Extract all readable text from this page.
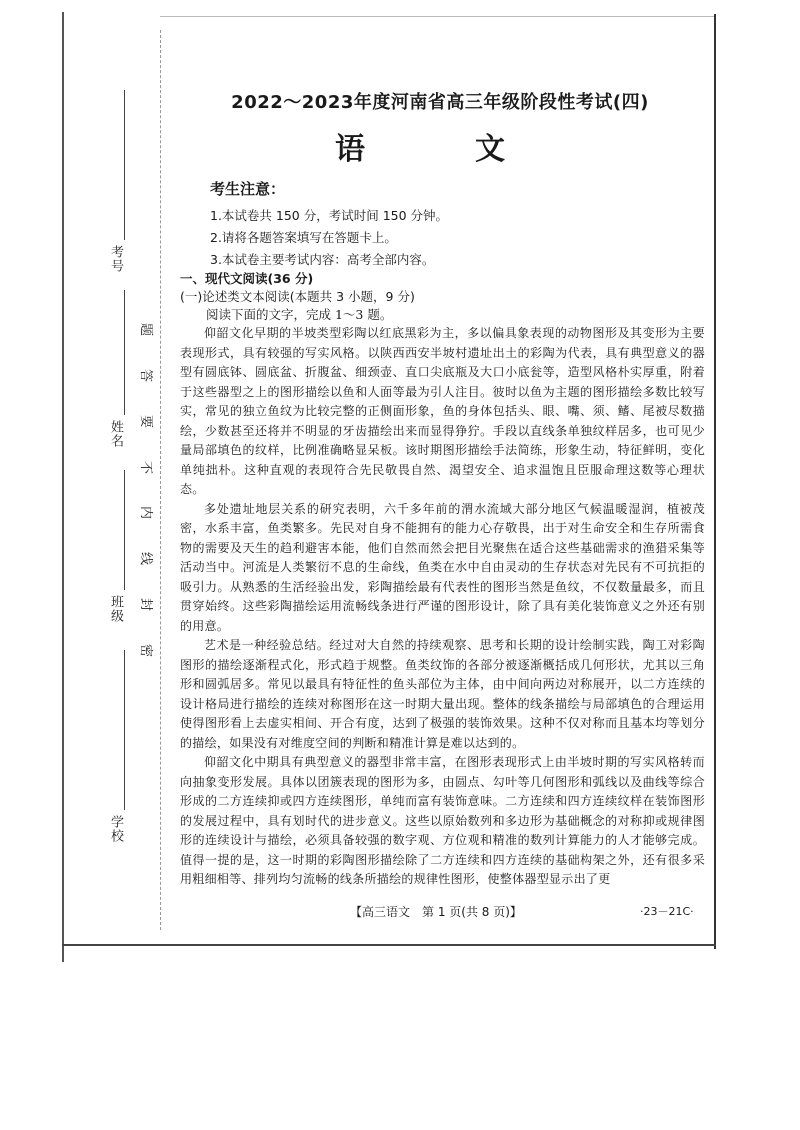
考号
姓名
班级
学校
题
答
要
不
内
线
封
密
2022～2023年度河南省高三年级阶段性考试(四)
语　文
考生注意：
1.本试卷共 150 分，考试时间 150 分钟。
2.请将各题答案填写在答题卡上。
3.本试卷主要考试内容：高考全部内容。
一、现代文阅读(36 分)
(一)论述类文本阅读(本题共 3 小题，9 分)
阅读下面的文字，完成 1～3 题。

仰韶文化早期的半坡类型彩陶以红底黑彩为主，多以偏具象表现的动物图形及其变形为主要表现形式，具有较强的写实风格。以陕西西安半坡村遗址出土的彩陶为代表，具有典型意义的器型有圆底钵、圆底盆、折腹盆、细颈壶、直口尖底瓶及大口小底瓮等，造型风格朴实厚重，附着于这些器型之上的图形描绘以鱼和人面等最为引人注目。彼时以鱼为主题的图形描绘多数比较写实，常见的独立鱼纹为比较完整的正侧面形象，鱼的身体包括头、眼、嘴、须、鳍、尾被尽数描绘，少数甚至还将并不明显的牙齿描绘出来而显得狰狞。手段以直线条单独纹样居多，也可见少量局部填色的纹样，比例准确略显呆板。该时期图形描绘手法简练，形象生动，特征鲜明，变化单纯拙朴。这种直观的表现符合先民敬畏自然、渴望安全、追求温饱且臣服命理这数等心理状态。

多处遗址地层关系的研究表明，六千多年前的渭水流域大部分地区气候温暖湿润，植被茂密，水系丰富，鱼类繁多。先民对自身不能拥有的能力心存敬畏，出于对生命安全和生存所需食物的需要及天生的趋利避害本能，他们自然而然会把目光聚焦在适合这些基础需求的渔猎采集等活动当中。河流是人类繁衍不息的生命线，鱼类在水中自由灵动的生存状态对先民有不可抗拒的吸引力。从熟悉的生活经验出发，彩陶描绘最有代表性的图形当然是鱼纹，不仅数量最多，而且贯穿始终。这些彩陶描绘运用流畅线条进行严谨的图形设计，除了具有美化装饰意义之外还有别的用意。

艺术是一种经验总结。经过对大自然的持续观察、思考和长期的设计绘制实践，陶工对彩陶图形的描绘逐渐程式化，形式趋于规整。鱼类纹饰的各部分被逐渐概括成几何形状，尤其以三角形和圆弧居多。常见以最具有特征性的鱼头部位为主体，由中间向两边对称展开，以二方连续的设计格局进行描绘的连续对称图形在这一时期大量出现。整体的线条描绘与局部填色的合理运用使得图形看上去虚实相间、开合有度，达到了极强的装饰效果。这种不仅对称而且基本均等划分的描绘，如果没有对维度空间的判断和精准计算是难以达到的。

仰韶文化中期具有典型意义的器型非常丰富，在图形表现形式上由半坡时期的写实风格转而向抽象变形发展。具体以团簇表现的图形为多，由圆点、勾叶等几何图形和弧线以及曲线等综合形成的二方连续抑或四方连续图形，单纯而富有装饰意味。二方连续和四方连续纹样在装饰图形的发展过程中，具有划时代的进步意义。这些以原始数列和多边形为基础概念的对称抑或规律图形的连续设计与描绘，必须具备较强的数字观、方位观和精准的数列计算能力的人才能够完成。值得一提的是，这一时期的彩陶图形描绘除了二方连续和四方连续的基础构架之外，还有很多采用粗细相等、排列均匀流畅的线条所描绘的规律性图形，使整体器型显示出了更

【高三语文　第 1 页(共 8 页)】	·23－21C·
